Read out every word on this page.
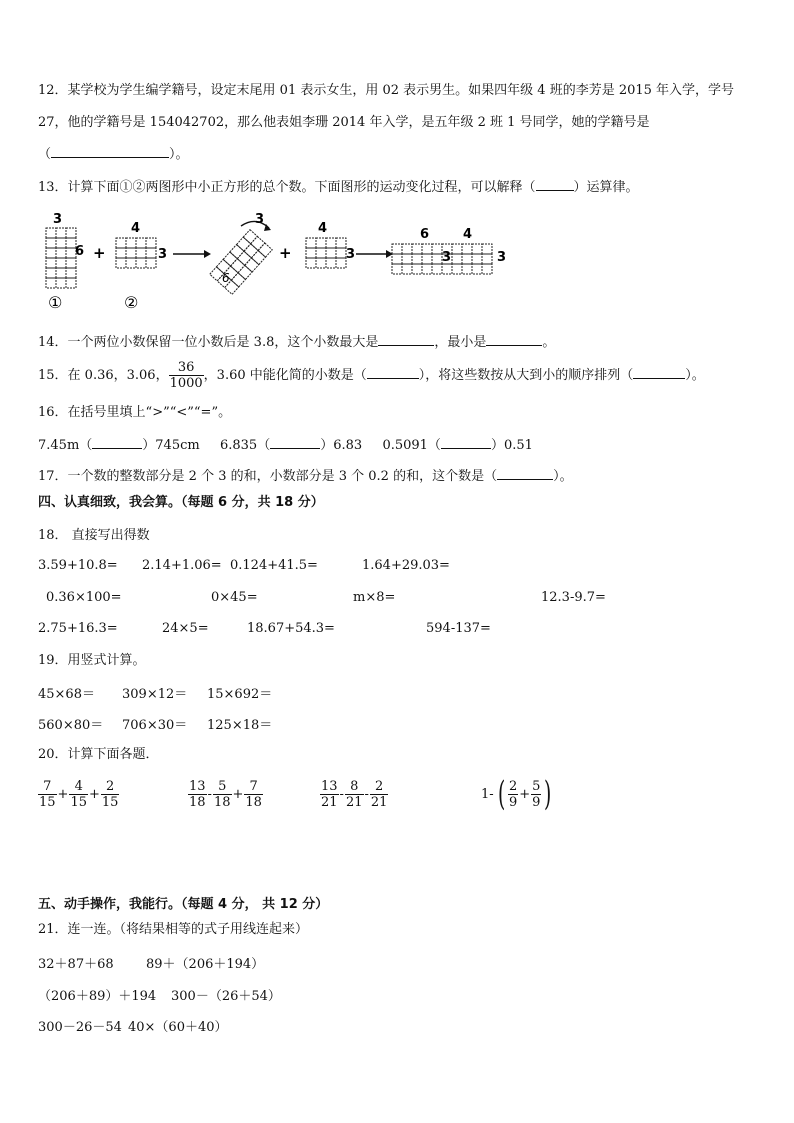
12．某学校为学生编学籍号，设定末尾用 01 表示女生，用 02 表示男生。如果四年级 4 班的李芳是 2015 年入学，学号
27，他的学籍号是 154042702，那么他表姐李珊 2014 年入学，是五年级 2 班 1 号同学，她的学籍号是
（	）。
13．计算下面①②两图形中小正方形的总个数。下面图形的运动变化过程，可以解释（	）运算律。
3
6
①
+
4
3
②
3
6
+
4
3
6	4
3	3
14．一个两位小数保留一位小数后是 3.8，这个小数最大是	，最小是	。
15．在 0.36，3.06， $\frac{36}{1000}$ ，3.60 中能化简的小数是（	），将这些数按从大到小的顺序排列（	）。
16．在括号里填上“>”“<”“=”。
7.45m（	）745cm 6.835（	）6.83 0.5091（	）0.51
17．一个数的整数部分是 2 个 3 的和，小数部分是 3 个 0.2 的和，这个数是（	）。
四、认真细致，我会算。（每题 6 分，共 18 分）
18． 直接写出得数
3.59+10.8= 2.14+1.06= 0.124+41.5=	1.64+29.03=
0.36×100=	0×45=	m×8=	12.3-9.7=
2.75+16.3=	24×5=	18.67+54.3=	594-137=
19．用竖式计算。
45×68＝ 309×12＝ 15×692＝
560×80＝ 706×30＝ 125×18＝
20．计算下面各题．
$\frac{7}{15} + \frac{4}{15} + \frac{2}{15}$	$\frac{13}{18} - \frac{5}{18} + \frac{7}{18}$	$\frac{13}{21} - \frac{8}{21} - \frac{2}{21}$	1- ( $\frac{2}{9} + \frac{5}{9}$ )
五、动手操作，我能行。（每题 4 分， 共 12 分）
21．连一连。（将结果相等的式子用线连起来）
32＋87＋68 89＋（206＋194）
（206＋89）＋194 300－（26＋54）
300－26－54 40×（60＋40）
